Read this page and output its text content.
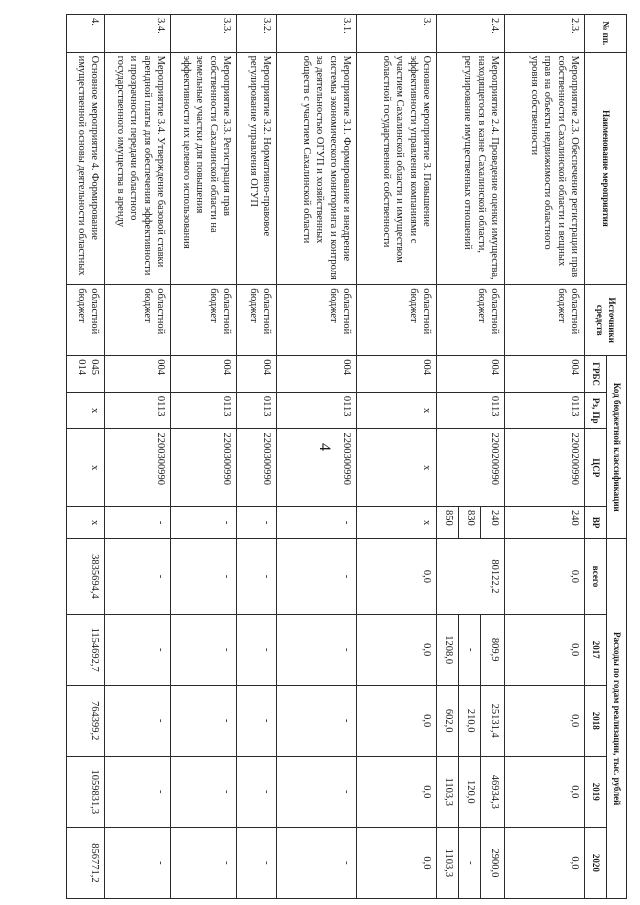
4
№ пп.	Наименование мероприятия	Источники средств	Код бюджетной классификации				Расходы по годам реализации, тыс. рублей				
			ГРБС	Рз, Пр	ЦСР	ВР	всего	2017	2018	2019	2020
2.3.	Мероприятие 2.3. Обеспечение регистрации прав собственности Сахалинской области и вещных прав на объекты недвижимости областного уровня собственности	областной бюджет	004	0113	2200200990	240	0,0	0,0	0,0	0,0	0,0
2.4.	Мероприятие 2.4. Проведение оценки имущества, находящегося в казне Сахалинской области, регулирование имущественных отношений	областной бюджет	004	0113	2200200990	240	80122,2	809,9	25131,4	46934,3	2900,0
						830		-	210,0	120,0	-
						850		1208,0	602,0	1103,3	1103,3
3.	Основное мероприятие 3. Повышение эффективности управления компаниями с участием Сахалинской области и имуществом областной государственной собственности	областной бюджет	004	х	х	х	0,0	0,0	0,0	0,0	0,0
3.1.	Мероприятие 3.1. Формирование и внедрение системы экономического мониторинга и контроля за деятельностью ОГУП и хозяйственных обществ с участием Сахалинской области	областной бюджет	004	0113	2200300990	-	-	-	-	-	-
3.2.	Мероприятие 3.2. Нормативно-правовое регулирование управления ОГУП	областной бюджет	004	0113	2200300990	-	-	-	-	-	-
3.3.	Мероприятие 3.3. Регистрация прав собственности Сахалинской области на земельные участки для повышения эффективности их целевого использования	областной бюджет	004	0113	2200300990	-	-	-	-	-	-
3.4.	Мероприятие 3.4. Утверждение базовой ставки арендной платы для обеспечения эффективности и прозрачности передачи областного государственного имущества в аренду	областной бюджет	004	0113	2200300990	-	-	-	-	-	-
4.	Основное мероприятие 4. Формирование имущественной основы деятельности областных	областной бюджет	045 014	х	х	х	3835694,4	1154692,7	764399,2	1059831,3	856771,2
